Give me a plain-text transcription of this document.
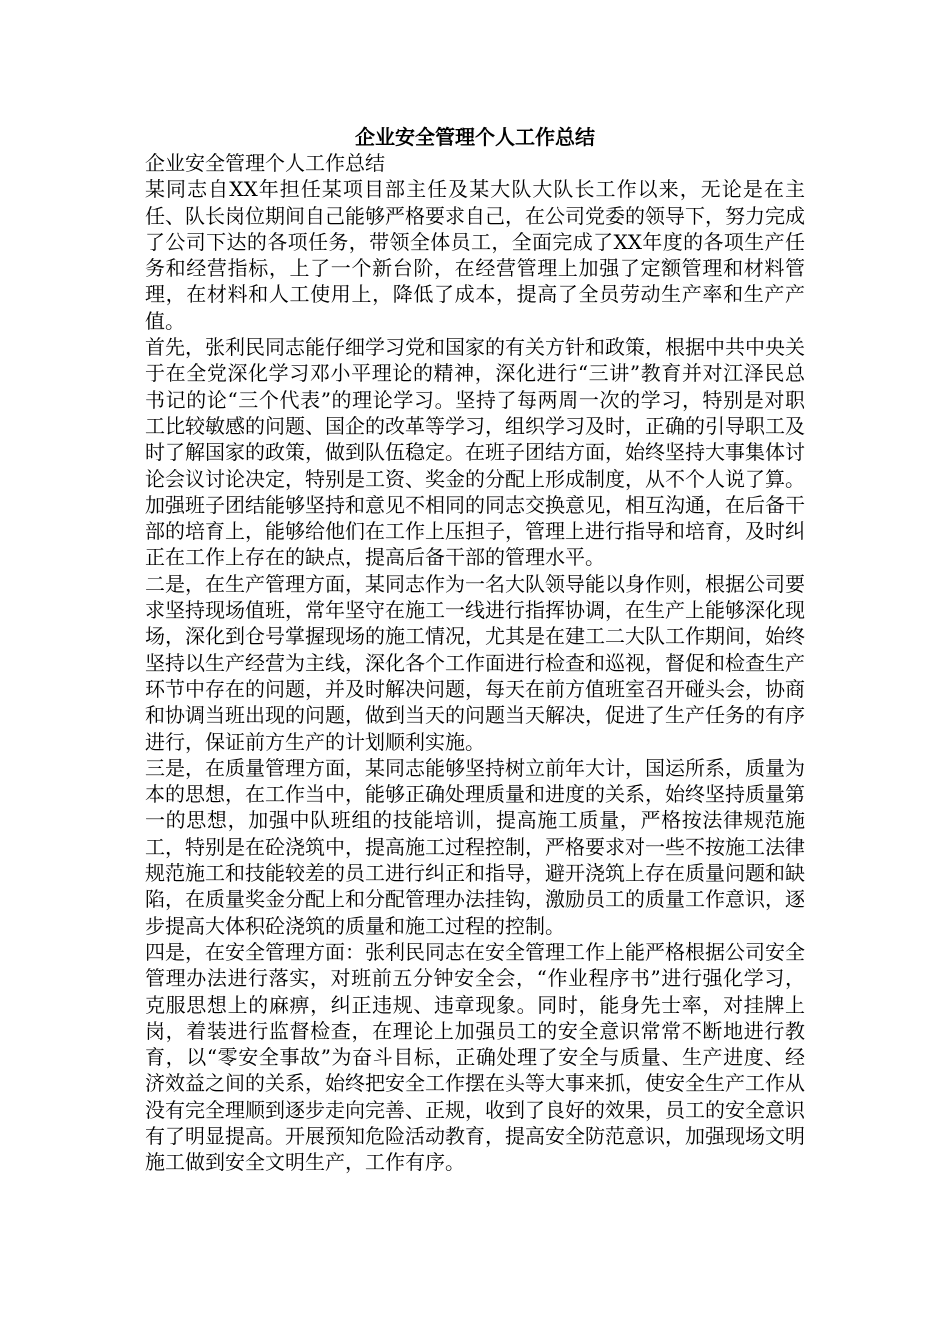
企业安全管理个人工作总结

企业安全管理个人工作总结

某同志自XX年担任某项目部主任及某大队大队长工作以来，无论是在主任、队长岗位期间自己能够严格要求自己，在公司党委的领导下，努力完成了公司下达的各项任务，带领全体员工，全面完成了XX年度的各项生产任务和经营指标，上了一个新台阶，在经营管理上加强了定额管理和材料管理，在材料和人工使用上，降低了成本，提高了全员劳动生产率和生产产值。

首先，张利民同志能仔细学习党和国家的有关方针和政策，根据中共中央关于在全党深化学习邓小平理论的精神，深化进行“三讲”教育并对江泽民总书记的论“三个代表”的理论学习。坚持了每两周一次的学习，特别是对职工比较敏感的问题、国企的改革等学习，组织学习及时，正确的引导职工及时了解国家的政策，做到队伍稳定。在班子团结方面，始终坚持大事集体讨论会议讨论决定，特别是工资、奖金的分配上形成制度，从不个人说了算。加强班子团结能够坚持和意见不相同的同志交换意见，相互沟通，在后备干部的培育上，能够给他们在工作上压担子，管理上进行指导和培育，及时纠正在工作上存在的缺点，提高后备干部的管理水平。

二是，在生产管理方面，某同志作为一名大队领导能以身作则，根据公司要求坚持现场值班，常年坚守在施工一线进行指挥协调，在生产上能够深化现场，深化到仓号掌握现场的施工情况，尤其是在建工二大队工作期间，始终坚持以生产经营为主线，深化各个工作面进行检查和巡视，督促和检查生产环节中存在的问题，并及时解决问题，每天在前方值班室召开碰头会，协商和协调当班出现的问题，做到当天的问题当天解决，促进了生产任务的有序进行，保证前方生产的计划顺利实施。

三是，在质量管理方面，某同志能够坚持树立前年大计，国运所系，质量为本的思想，在工作当中，能够正确处理质量和进度的关系，始终坚持质量第一的思想，加强中队班组的技能培训，提高施工质量，严格按法律规范施工，特别是在砼浇筑中，提高施工过程控制，严格要求对一些不按施工法律规范施工和技能较差的员工进行纠正和指导，避开浇筑上存在质量问题和缺陷，在质量奖金分配上和分配管理办法挂钩，激励员工的质量工作意识，逐步提高大体积砼浇筑的质量和施工过程的控制。

四是，在安全管理方面：张利民同志在安全管理工作上能严格根据公司安全管理办法进行落实，对班前五分钟安全会，“作业程序书”进行强化学习，克服思想上的麻痹，纠正违规、违章现象。同时，能身先士率，对挂牌上岗，着装进行监督检查，在理论上加强员工的安全意识常常不断地进行教育，以“零安全事故”为奋斗目标，正确处理了安全与质量、生产进度、经济效益之间的关系，始终把安全工作摆在头等大事来抓，使安全生产工作从没有完全理顺到逐步走向完善、正规，收到了良好的效果，员工的安全意识有了明显提高。开展预知危险活动教育，提高安全防范意识，加强现场文明施工做到安全文明生产，工作有序。
